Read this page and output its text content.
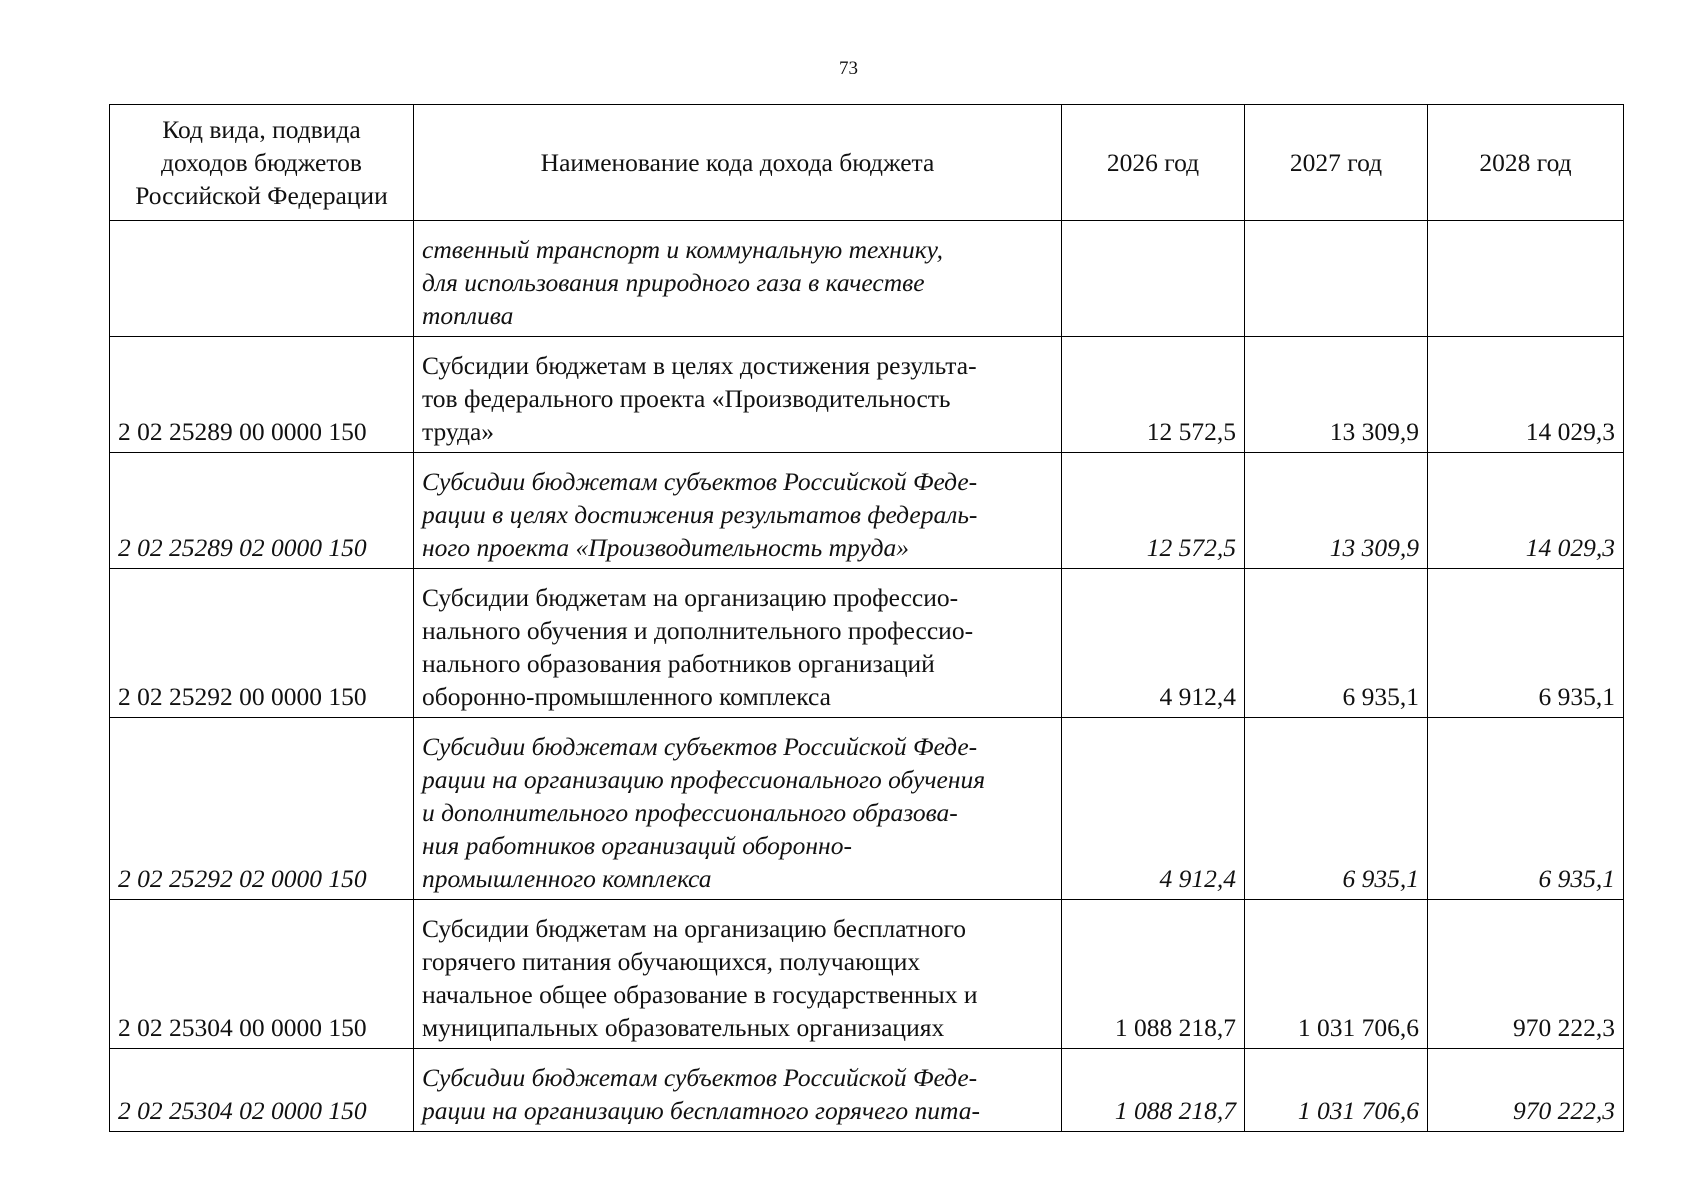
73
Код вида, подвида доходов бюджетов Российской Федерации	Наименование кода дохода бюджета	2026 год	2027 год	2028 год

	ственный транспорт и коммунальную технику,
для использования природного газа в качестве
топлива			

2 02 25289 00 0000 150	Субсидии бюджетам в целях достижения результа-
тов федерального проекта «Производительность
труда»	12 572,5	13 309,9	14 029,3
2 02 25289 02 0000 150	Субсидии бюджетам субъектов Российской Феде-
рации в целях достижения результатов федераль-
ного проекта «Производительность труда»	12 572,5	13 309,9	14 029,3
2 02 25292 00 0000 150	Субсидии бюджетам на организацию профессио-
нального обучения и дополнительного профессио-
нального образования работников организаций
оборонно-промышленного комплекса	4 912,4	6 935,1	6 935,1
2 02 25292 02 0000 150	Субсидии бюджетам субъектов Российской Феде-
рации на организацию профессионального обучения
и дополнительного профессионального образова-
ния работников организаций оборонно-
промышленного комплекса	4 912,4	6 935,1	6 935,1
2 02 25304 00 0000 150	Субсидии бюджетам на организацию бесплатного
горячего питания обучающихся, получающих
начальное общее образование в государственных и
муниципальных образовательных организациях	1 088 218,7	1 031 706,6	970 222,3
2 02 25304 02 0000 150	Субсидии бюджетам субъектов Российской Феде-
рации на организацию бесплатного горячего пита-	1 088 218,7	1 031 706,6	970 222,3
